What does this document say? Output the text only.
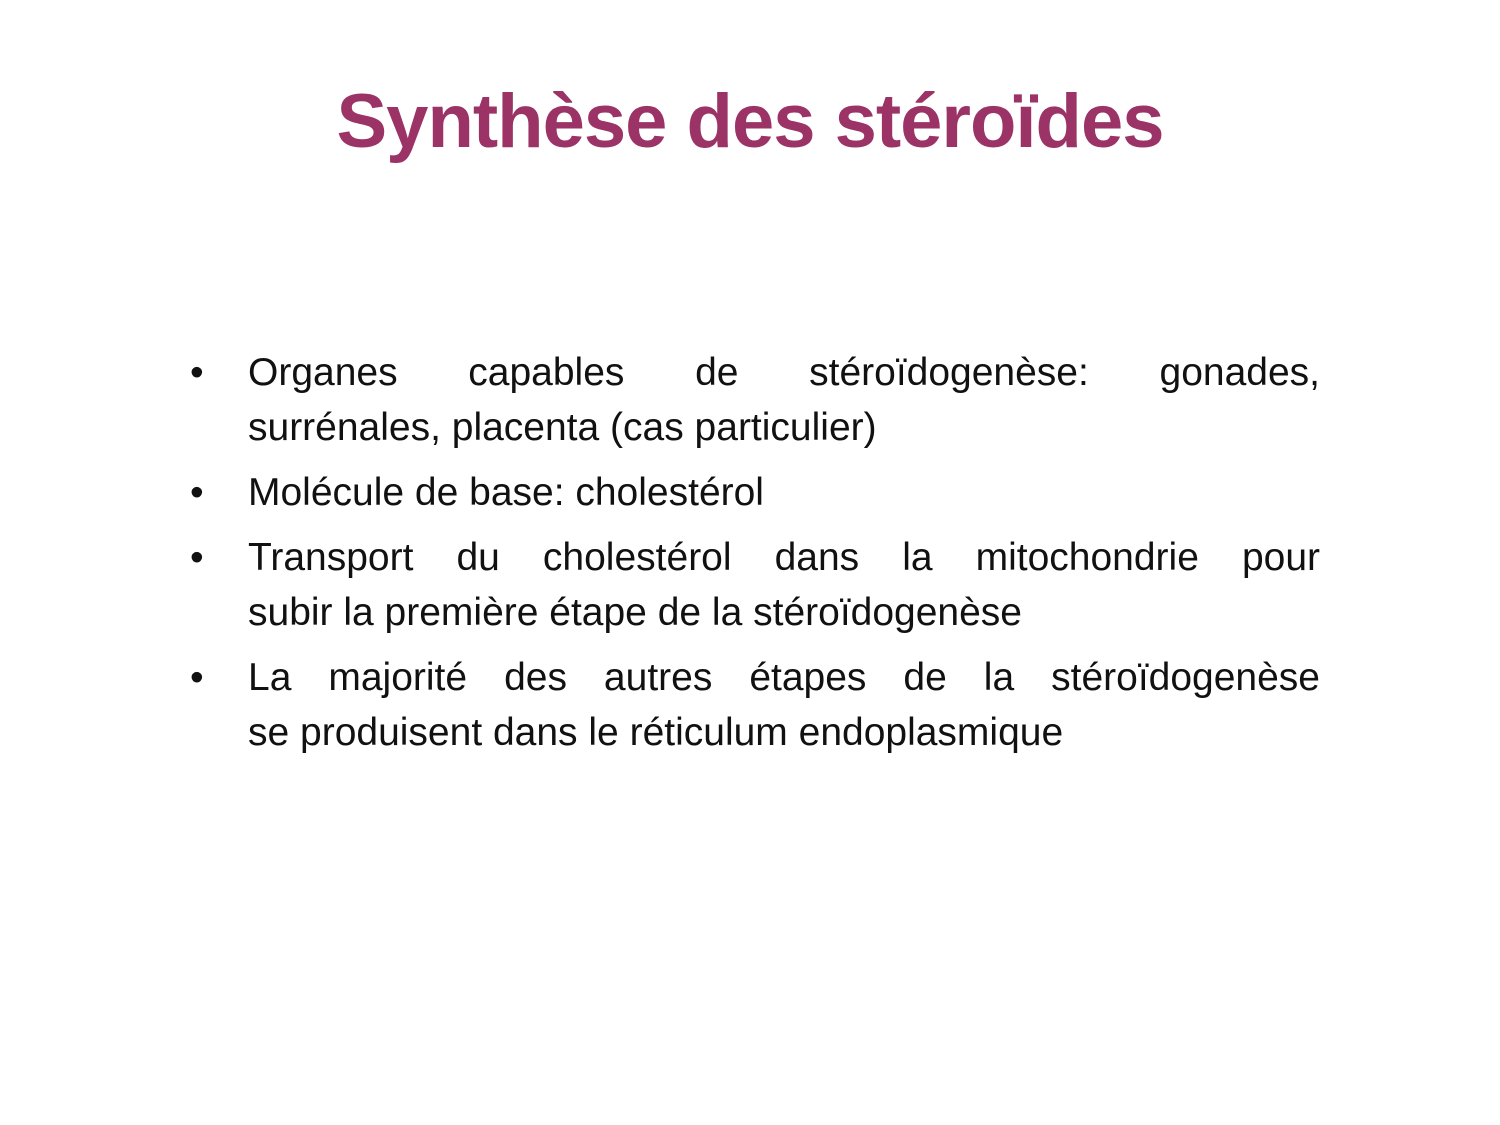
Synthèse des stéroïdes
• Organes capables de stéroïdogenèse: gonades,
surrénales, placenta (cas particulier)
• Molécule de base: cholestérol
• Transport du cholestérol dans la mitochondrie pour
subir la première étape de la stéroïdogenèse
• La majorité des autres étapes de la stéroïdogenèse
se produisent dans le réticulum endoplasmique
